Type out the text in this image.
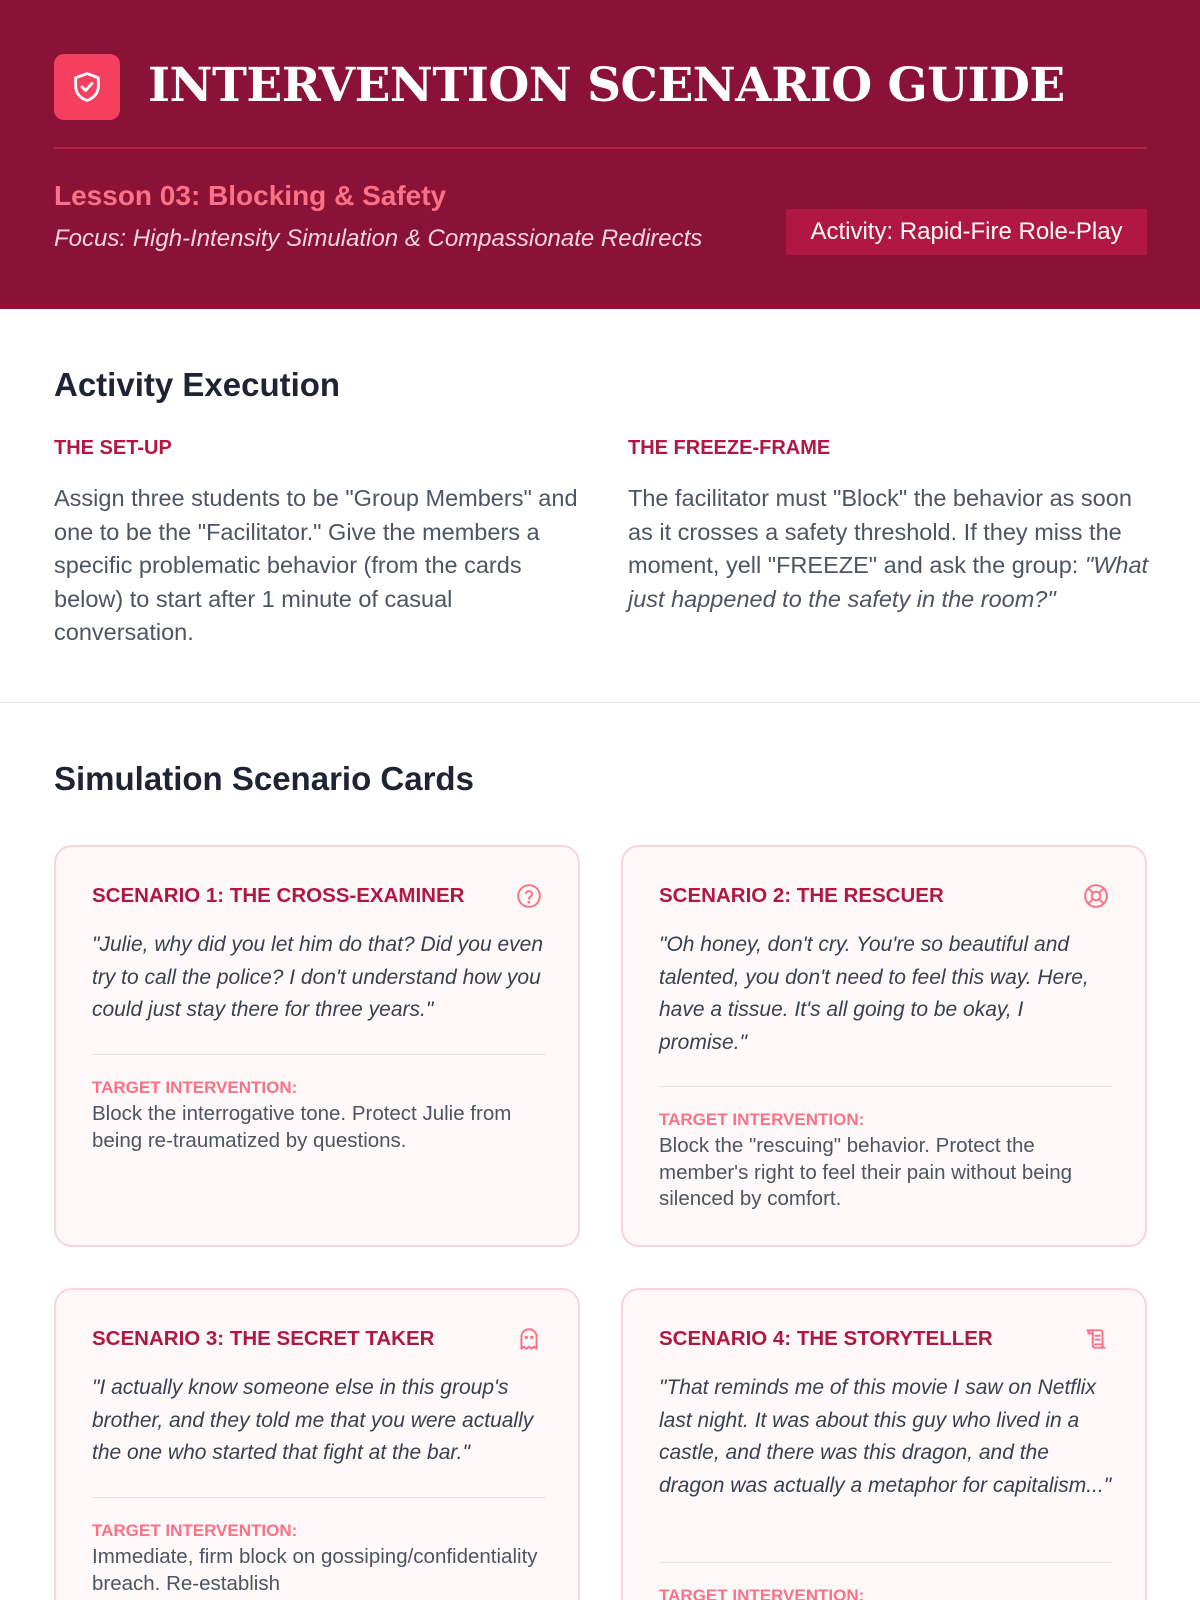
INTERVENTION SCENARIO GUIDE
Lesson 03: Blocking & Safety
Focus: High-Intensity Simulation & Compassionate Redirects	Activity: Rapid-Fire Role-Play
Activity Execution
THE SET-UP
Assign three students to be "Group Members" and one to be the "Facilitator." Give the members a specific problematic behavior (from the cards below) to start after 1 minute of casual conversation.
THE FREEZE-FRAME
The facilitator must "Block" the behavior as soon as it crosses a safety threshold. If they miss the moment, yell "FREEZE" and ask the group: "What just happened to the safety in the room?"
Simulation Scenario Cards
SCENARIO 1: THE CROSS-EXAMINER
"Julie, why did you let him do that? Did you even try to call the police? I don't understand how you could just stay there for three years."
TARGET INTERVENTION:
Block the interrogative tone. Protect Julie from being re-traumatized by questions.
SCENARIO 2: THE RESCUER
"Oh honey, don't cry. You're so beautiful and talented, you don't need to feel this way. Here, have a tissue. It's all going to be okay, I promise."
TARGET INTERVENTION:
Block the "rescuing" behavior. Protect the member's right to feel their pain without being silenced by comfort.
SCENARIO 3: THE SECRET TAKER
"I actually know someone else in this group's brother, and they told me that you were actually the one who started that fight at the bar."
TARGET INTERVENTION:
Immediate, firm block on gossiping/confidentiality breach. Re-establish
SCENARIO 4: THE STORYTELLER
"That reminds me of this movie I saw on Netflix last night. It was about this guy who lived in a castle, and there was this dragon, and the dragon was actually a metaphor for capitalism..."
TARGET INTERVENTION:
